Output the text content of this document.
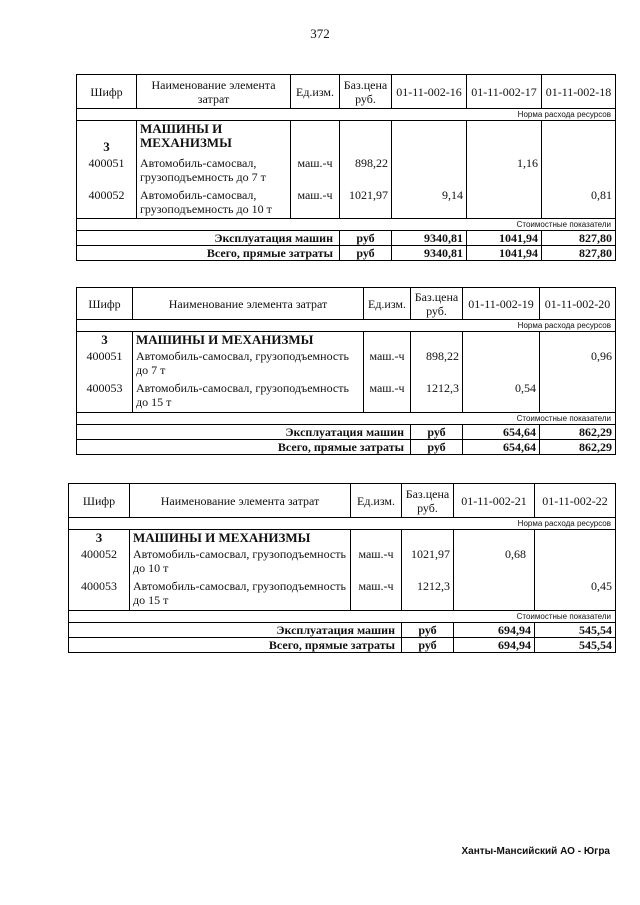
372
Шифр	Наименование элемента затрат	Ед.изм.	Баз.цена руб.	01-11-002-16	01-11-002-17	01-11-002-18
Норма расхода ресурсов						
3	МАШИНЫ И МЕХАНИЗМЫ					
400051	Автомобиль-самосвал, грузоподъемность до 7 т	маш.-ч	898,22		1,16	
400052	Автомобиль-самосвал, грузоподъемность до 10 т	маш.-ч	1021,97	9,14		0,81
Стоимостные показатели						
Эксплуатация машин			руб	9340,81	1041,94	827,80
Всего, прямые затраты			руб	9340,81	1041,94	827,80
Шифр	Наименование элемента затрат	Ед.изм.	Баз.цена руб.	01-11-002-19	01-11-002-20
Норма расхода ресурсов					
3	МАШИНЫ И МЕХАНИЗМЫ				
400051	Автомобиль-самосвал, грузоподъемность до 7 т	маш.-ч	898,22		0,96
400053	Автомобиль-самосвал, грузоподъемность до 15 т	маш.-ч	1212,3	0,54	
Стоимостные показатели					
Эксплуатация машин			руб	654,64	862,29
Всего, прямые затраты			руб	654,64	862,29
Шифр	Наименование элемента затрат	Ед.изм.	Баз.цена руб.	01-11-002-21	01-11-002-22
Норма расхода ресурсов					
3	МАШИНЫ И МЕХАНИЗМЫ				
400052	Автомобиль-самосвал, грузоподъемность до 10 т	маш.-ч	1021,97	0,68	
400053	Автомобиль-самосвал, грузоподъемность до 15 т	маш.-ч	1212,3		0,45
Стоимостные показатели					
Эксплуатация машин			руб	694,94	545,54
Всего, прямые затраты			руб	694,94	545,54
Ханты-Мансийский АО - Югра
